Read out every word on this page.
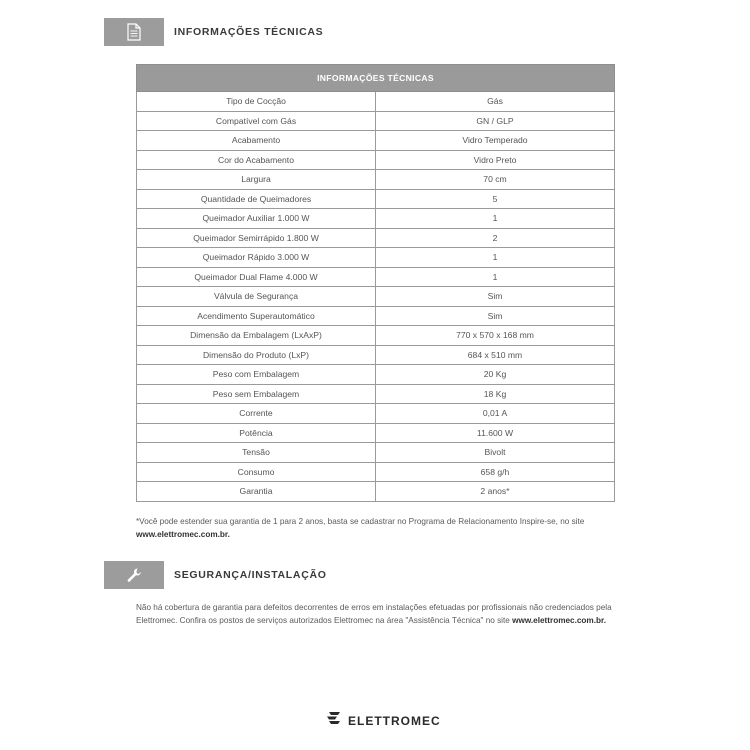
INFORMAÇÕES TÉCNICAS
INFORMAÇÕES TÉCNICAS	
Tipo de Cocção	Gás
Compatível com Gás	GN / GLP
Acabamento	Vidro Temperado
Cor do Acabamento	Vidro Preto
Largura	70 cm
Quantidade de Queimadores	5
Queimador Auxiliar 1.000 W	1
Queimador Semirrápido 1.800 W	2
Queimador Rápido 3.000 W	1
Queimador Dual Flame 4.000 W	1
Válvula de Segurança	Sim
Acendimento Superautomático	Sim
Dimensão da Embalagem (LxAxP)	770 x 570 x 168 mm
Dimensão do Produto (LxP)	684 x 510 mm
Peso com Embalagem	20 Kg
Peso sem Embalagem	18 Kg
Corrente	0,01 A
Potência	11.600 W
Tensão	Bivolt
Consumo	658 g/h
Garantia	2 anos*
*Você pode estender sua garantia de 1 para 2 anos, basta se cadastrar no Programa de Relacionamento Inspire-se, no site www.elettromec.com.br.
SEGURANÇA/INSTALAÇÃO
Não há cobertura de garantia para defeitos decorrentes de erros em instalações efetuadas por profissionais não credenciados pela Elettromec. Confira os postos de serviços autorizados Elettromec na área "Assistência Técnica" no site www.elettromec.com.br.
ELETTROMEC
